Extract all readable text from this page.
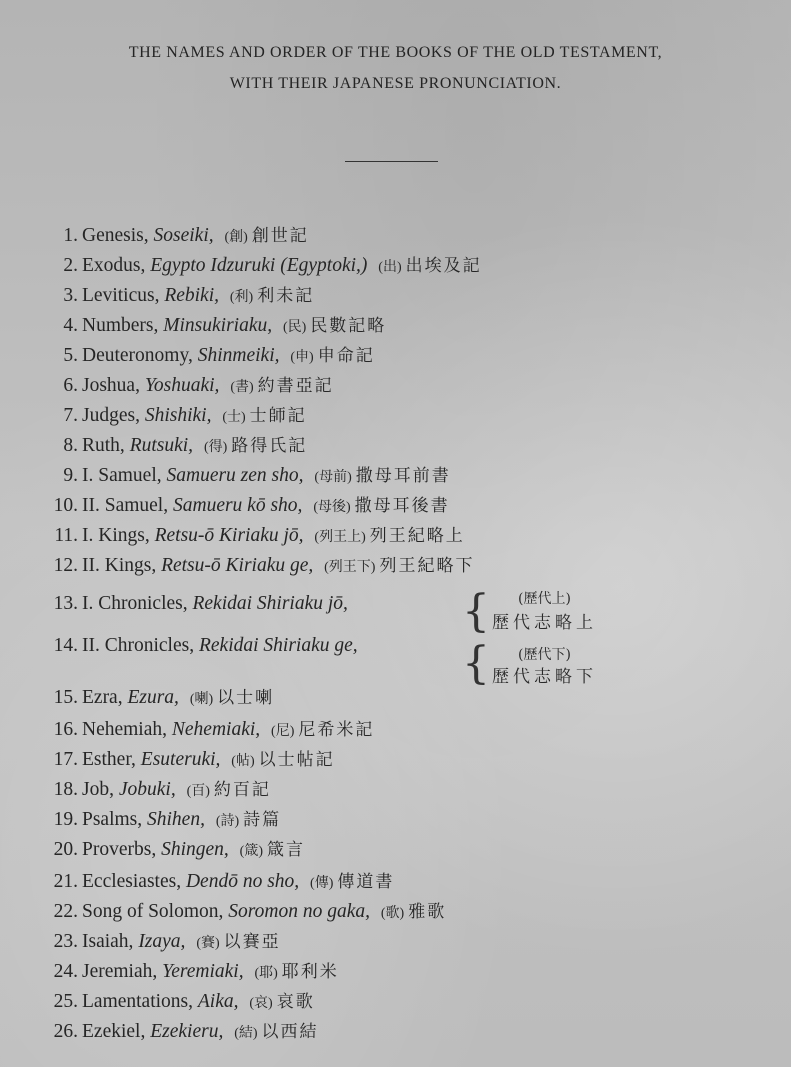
THE NAMES AND ORDER OF THE BOOKS OF THE OLD TESTAMENT,
WITH THEIR JAPANESE PRONUNCIATION.
1. Genesis, Soseiki, (創) 創世記
2. Exodus, Egypto Idzuruki (Egyptoki,) (出) 出埃及記
3. Leviticus, Rebiki, (利) 利未記
4. Numbers, Minsukiriaku, (民) 民數記略
5. Deuteronomy, Shinmeiki, (申) 申命記
6. Joshua, Yoshuaki, (書) 約書亞記
7. Judges, Shishiki, (士) 士師記
8. Ruth, Rutsuki, (得) 路得氏記
9. I. Samuel, Samueru zen sho, (母前) 撒母耳前書
10. II. Samuel, Samueru kō sho, (母後) 撒母耳後書
11. I. Kings, Retsu-ō Kiriaku jō, (列王上) 列王紀略上
12. II. Kings, Retsu-ō Kiriaku ge, (列王下) 列王紀略下
13. I. Chronicles, Rekidai Shiriaku jō,	{ (歷代上)
歷代志略上
14. II. Chronicles, Rekidai Shiriaku ge, { (歷代下)
歷代志略下
15. Ezra, Ezura, (喇) 以士喇
16. Nehemiah, Nehemiaki, (尼) 尼希米記
17. Esther, Esuteruki, (帖) 以士帖記
18. Job, Jobuki, (百) 約百記
19. Psalms, Shihen, (詩) 詩篇
20. Proverbs, Shingen, (箴) 箴言
21. Ecclesiastes, Dendō no sho, (傳) 傳道書
22. Song of Solomon, Soromon no gaka, (歌) 雅歌
23. Isaiah, Izaya, (賽) 以賽亞
24. Jeremiah, Yeremiaki, (耶) 耶利米
25. Lamentations, Aika, (哀) 哀歌
26. Ezekiel, Ezekieru, (結) 以西結
